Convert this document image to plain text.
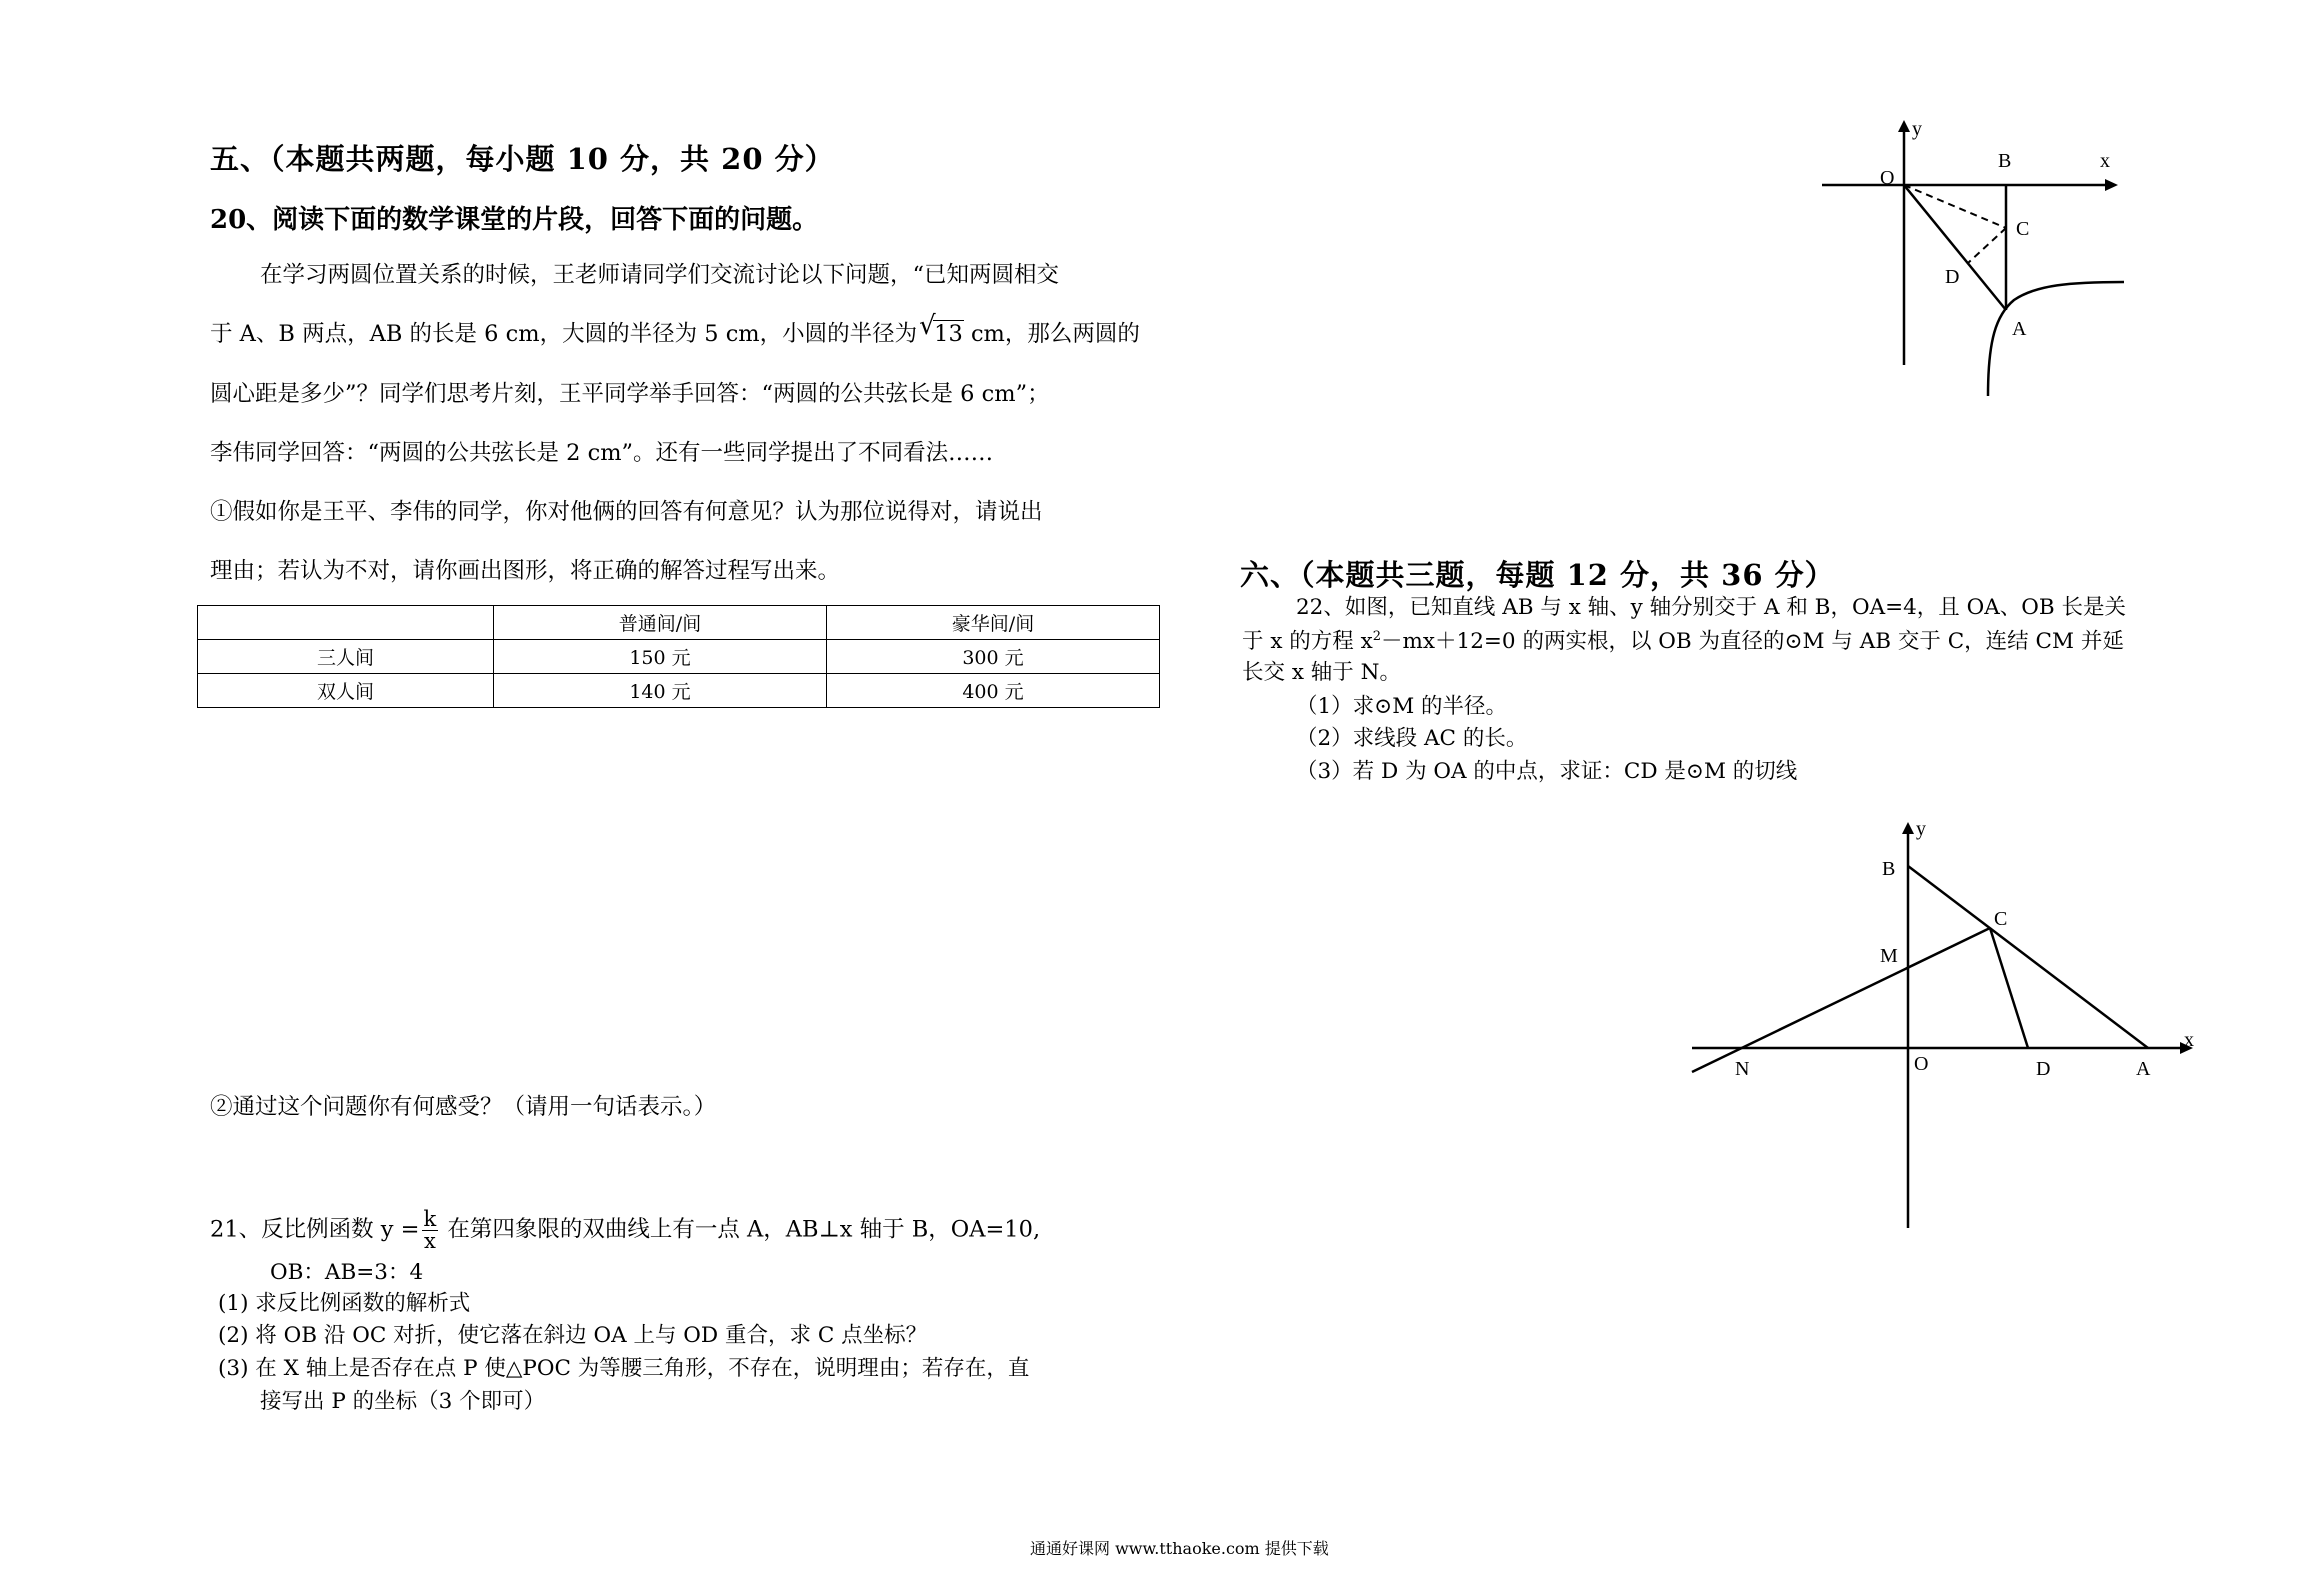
五、（本题共两题，每小题 10 分，共 20 分）
20、阅读下面的数学课堂的片段，回答下面的问题。
在学习两圆位置关系的时候，王老师请同学们交流讨论以下问题，“已知两圆相交
于 A、B 两点，AB 的长是 6 cm，大圆的半径为 5 cm，小圆的半径为 √
13 cm，那么两圆的
圆心距是多少”？同学们思考片刻，王平同学举手回答：“两圆的公共弦长是 6 cm”；
李伟同学回答：“两圆的公共弦长是 2 cm”。还有一些同学提出了不同看法……
①假如你是王平、李伟的同学，你对他俩的回答有何意见？认为那位说得对，请说出
理由；若认为不对，请你画出图形，将正确的解答过程写出来。
	普通间/间	豪华间/间
三人间	150 元	300 元
双人间	140 元	400 元
②通过这个问题你有何感受？（请用一句话表示。）
21、反比例函数 $y = \frac{k}{x}$ 在第四象限的双曲线上有一点 A，AB⊥x 轴于 B，OA=10,
OB：AB=3：4
(1) 求反比例函数的解析式
(2) 将 OB 沿 OC 对折，使它落在斜边 OA 上与 OD 重合，求 C 点坐标？
(3) 在 X 轴上是否存在点 P 使△POC 为等腰三角形，不存在，说明理由；若存在，直
接写出 P 的坐标（3 个即可）
y
x
O
B
C
D
A
六、（本题共三题，每题 12 分，共 36 分）
22、如图，已知直线 AB 与 x 轴、y 轴分别交于 A 和 B，OA=4，且 OA、OB 长是关
于 x 的方程 $x^2-mx+12=0$ 的两实根，以 OB 为直径的⊙M 与 AB 交于 C，连结 CM 并延
长交 x 轴于 N。
（1）求⊙M 的半径。
（2）求线段 AC 的长。
（3）若 D 为 OA 的中点，求证：CD 是⊙M 的切线
y
x
B
C
M
N	O	D	A
通通好课网 www.tthaoke.com 提供下载
